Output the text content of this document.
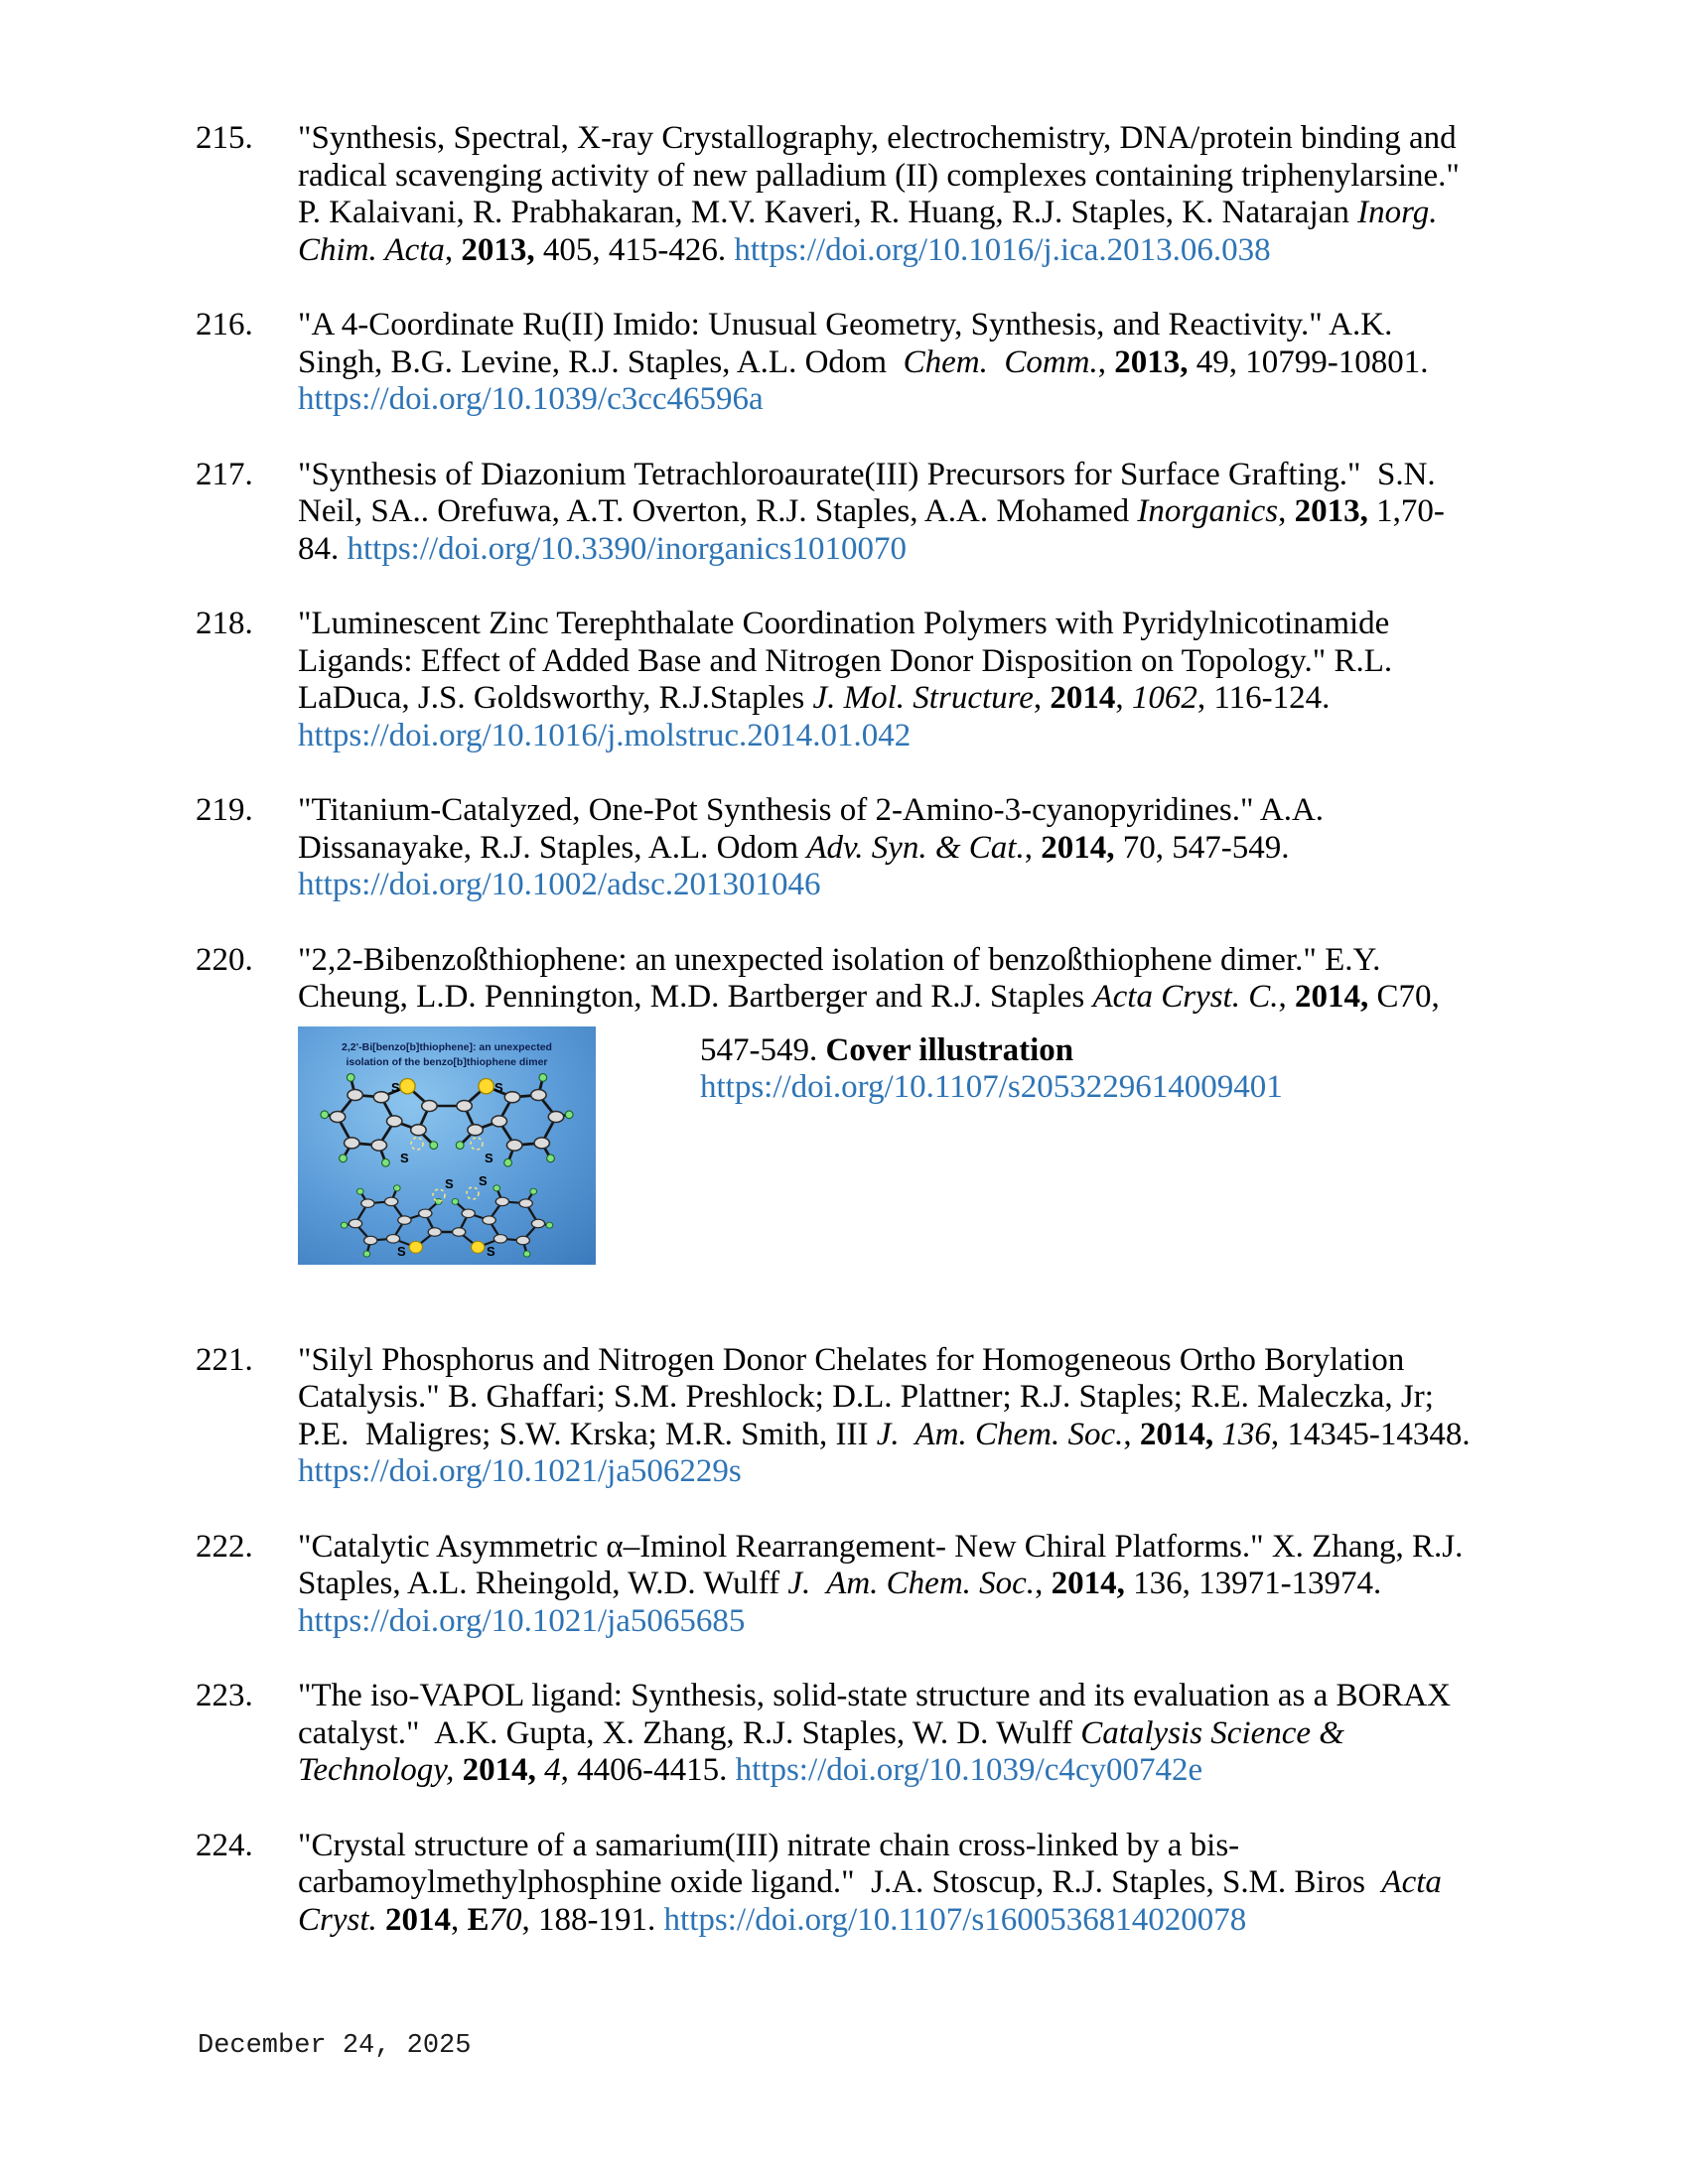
215.	"Synthesis, Spectral, X-ray Crystallography, electrochemistry, DNA/protein binding and
radical scavenging activity of new palladium (II) complexes containing triphenylarsine."
P. Kalaivani, R. Prabhakaran, M.V. Kaveri, R. Huang, R.J. Staples, K. Natarajan Inorg.
Chim. Acta, 2013, 405, 415-426. https://doi.org/10.1016/j.ica.2013.06.038
216.	"A 4-Coordinate Ru(II) Imido: Unusual Geometry, Synthesis, and Reactivity." A.K.
Singh, B.G. Levine, R.J. Staples, A.L. Odom  Chem.  Comm., 2013, 49, 10799-10801.
https://doi.org/10.1039/c3cc46596a
217.	"Synthesis of Diazonium Tetrachloroaurate(III) Precursors for Surface Grafting."  S.N.
Neil, SA.. Orefuwa, A.T. Overton, R.J. Staples, A.A. Mohamed Inorganics, 2013, 1,70-
84. https://doi.org/10.3390/inorganics1010070
218.	"Luminescent Zinc Terephthalate Coordination Polymers with Pyridylnicotinamide
Ligands: Effect of Added Base and Nitrogen Donor Disposition on Topology." R.L.
LaDuca, J.S. Goldsworthy, R.J.Staples J. Mol. Structure, 2014, 1062, 116-124.
https://doi.org/10.1016/j.molstruc.2014.01.042
219.	"Titanium-Catalyzed, One-Pot Synthesis of 2-Amino-3-cyanopyridines." A.A.
Dissanayake, R.J. Staples, A.L. Odom Adv. Syn. & Cat., 2014, 70, 547-549.
https://doi.org/10.1002/adsc.201301046
220.	"2,2-Bibenzoßthiophene: an unexpected isolation of benzoßthiophene dimer." E.Y.
Cheung, L.D. Pennington, M.D. Bartberger and R.J. Staples Acta Cryst. C., 2014, C70,
2,2'-Bi[benzo[b]thiophene]: an unexpected
isolation of the benzo[b]thiophene dimer
S	S
S	S
S S
S	S
547-549. Cover illustration
https://doi.org/10.1107/s2053229614009401
221.	"Silyl Phosphorus and Nitrogen Donor Chelates for Homogeneous Ortho Borylation
Catalysis." B. Ghaffari; S.M. Preshlock; D.L. Plattner; R.J. Staples; R.E. Maleczka, Jr;
P.E.  Maligres; S.W. Krska; M.R. Smith, III J.  Am. Chem. Soc., 2014, 136, 14345-14348.
https://doi.org/10.1021/ja506229s
222.	"Catalytic Asymmetric α–Iminol Rearrangement- New Chiral Platforms." X. Zhang, R.J.
Staples, A.L. Rheingold, W.D. Wulff J.  Am. Chem. Soc., 2014, 136, 13971-13974.
https://doi.org/10.1021/ja5065685
223.	"The iso-VAPOL ligand: Synthesis, solid-state structure and its evaluation as a BORAX
catalyst."  A.K. Gupta, X. Zhang, R.J. Staples, W. D. Wulff Catalysis Science &
Technology, 2014, 4, 4406-4415. https://doi.org/10.1039/c4cy00742e
224.	"Crystal structure of a samarium(III) nitrate chain cross-linked by a bis-
carbamoylmethylphosphine oxide ligand."  J.A. Stoscup, R.J. Staples, S.M. Biros  Acta
Cryst. 2014, E70, 188-191. https://doi.org/10.1107/s1600536814020078
December 24, 2025
